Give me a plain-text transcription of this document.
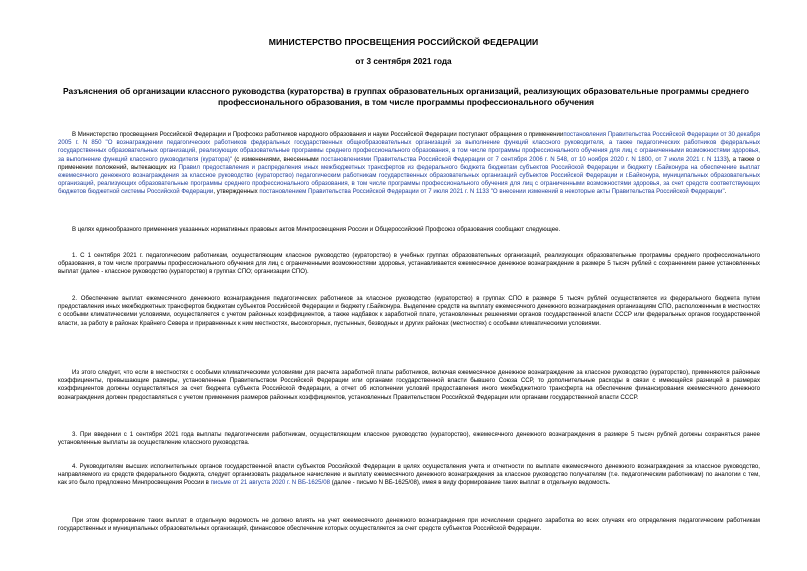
МИНИСТЕРСТВО ПРОСВЕЩЕНИЯ РОССИЙСКОЙ ФЕДЕРАЦИИ
от 3 сентября 2021 года
Разъяснения об организации классного руководства (кураторства) в группах образовательных организаций, реализующих образовательные программы среднего профессионального образования, в том числе программы профессионального обучения

В Министерство просвещения Российской Федерации и Профсоюз работников народного образования и науки Российской Федерации поступают обращения о применениипостановления Правительства Российской Федерации от 30 декабря 2005 г. N 850 "О вознаграждении педагогических работников федеральных государственных общеобразовательных организаций за выполнение функций классного руководителя, а также педагогических работников федеральных государственных образовательных организаций, реализующих образовательные программы среднего профессионального образования, в том числе программы профессионального обучения для лиц с ограниченными возможностями здоровья, за выполнение функций классного руководителя (куратора)" (с изменениями, внесенными постановлениями Правительства Российской Федерации от 7 сентября 2006 г. N 548, от 10 ноября 2020 г. N 1800, от 7 июля 2021 г. N 1133), а также о применении положений, вытекающих из Правил предоставления и распределения иных межбюджетных трансфертов из федерального бюджета бюджетам субъектов Российской Федерации и бюджету г.Байконура на обеспечение выплат ежемесячного денежного вознаграждения за классное руководство (кураторство) педагогическим работникам государственных образовательных организаций субъектов Российской Федерации и г.Байконура, муниципальных образовательных организаций, реализующих образовательные программы среднего профессионального образования, в том числе программы профессионального обучения для лиц с ограниченными возможностями здоровья, за счет средств соответствующих бюджетов бюджетной системы Российской Федерации, утвержденных постановлением Правительства Российской Федерации от 7 июля 2021 г. N 1133 "О внесении изменений в некоторые акты Правительства Российской Федерации".

В целях единообразного применения указанных нормативных правовых актов Минпросвещения России и Общероссийский Профсоюз образования сообщают следующее.

1. С 1 сентября 2021 г. педагогическим работникам, осуществляющим классное руководство (кураторство) в учебных группах образовательных организаций, реализующих образовательные программы среднего профессионального образования, в том числе программы профессионального обучения для лиц с ограниченными возможностями здоровья, устанавливается ежемесячное денежное вознаграждение в размере 5 тысяч рублей с сохранением ранее установленных выплат (далее - классное руководство (кураторство) в группах СПО; организации СПО).

2. Обеспечение выплат ежемесячного денежного вознаграждения педагогических работников за классное руководство (кураторство) в группах СПО в размере 5 тысяч рублей осуществляется из федерального бюджета путем предоставления иных межбюджетных трансфертов бюджетам субъектов Российской Федерации и бюджету г.Байконура. Выделение средств на выплату ежемесячного денежного вознаграждения организациям СПО, расположенным в местностях с особыми климатическими условиями, осуществляется с учетом районных коэффициентов, а также надбавок к заработной плате, установленных решениями органов государственной власти СССР или федеральных органов государственной власти, за работу в районах Крайнего Севера и приравненных к ним местностях, высокогорных, пустынных, безводных и других районах (местностях) с особыми климатическими условиями.

Из этого следует, что если в местностях с особыми климатическими условиями для расчета заработной платы работников, включая ежемесячное денежное вознаграждение за классное руководство (кураторство), применяются районные коэффициенты, превышающие размеры, установленные Правительством Российской Федерации или органами государственной власти бывшего Союза ССР, то дополнительные расходы в связи с имеющейся разницей в размерах коэффициентов должны осуществляться за счет бюджета субъекта Российской Федерации, а отчет об исполнении условий предоставления иного межбюджетного трансферта на обеспечение финансирования ежемесячного денежного вознаграждения должен предоставляться с учетом применения размеров районных коэффициентов, установленных Правительством Российской Федерации или органами государственной власти СССР.

3. При введении с 1 сентября 2021 года выплаты педагогическим работникам, осуществляющим классное руководство (кураторство), ежемесячного денежного вознаграждения в размере 5 тысяч рублей должны сохраняться ранее установленные выплаты за осуществление классного руководства.

4. Руководителям высших исполнительных органов государственной власти субъектов Российской Федерации в целях осуществления учета и отчетности по выплате ежемесячного денежного вознаграждения за классное руководство, направляемого из средств федерального бюджета, следует организовать раздельное начисление и выплату ежемесячного денежного вознаграждения за классное руководство получателям (т.е. педагогическим работникам) по аналогии с тем, как это было предложено Минпросвещения России в письме от 21 августа 2020 г. N ВБ-1625/08 (далее - письмо N ВБ-1625/08), имея в виду формирование таких выплат в отдельную ведомость.

При этом формирование таких выплат в отдельную ведомость не должно влиять на учет ежемесячного денежного вознаграждения при исчислении среднего заработка во всех случаях его определения педагогическим работникам государственных и муниципальных образовательных организаций, финансовое обеспечение которых осуществляется за счет средств субъектов Российской Федерации.
